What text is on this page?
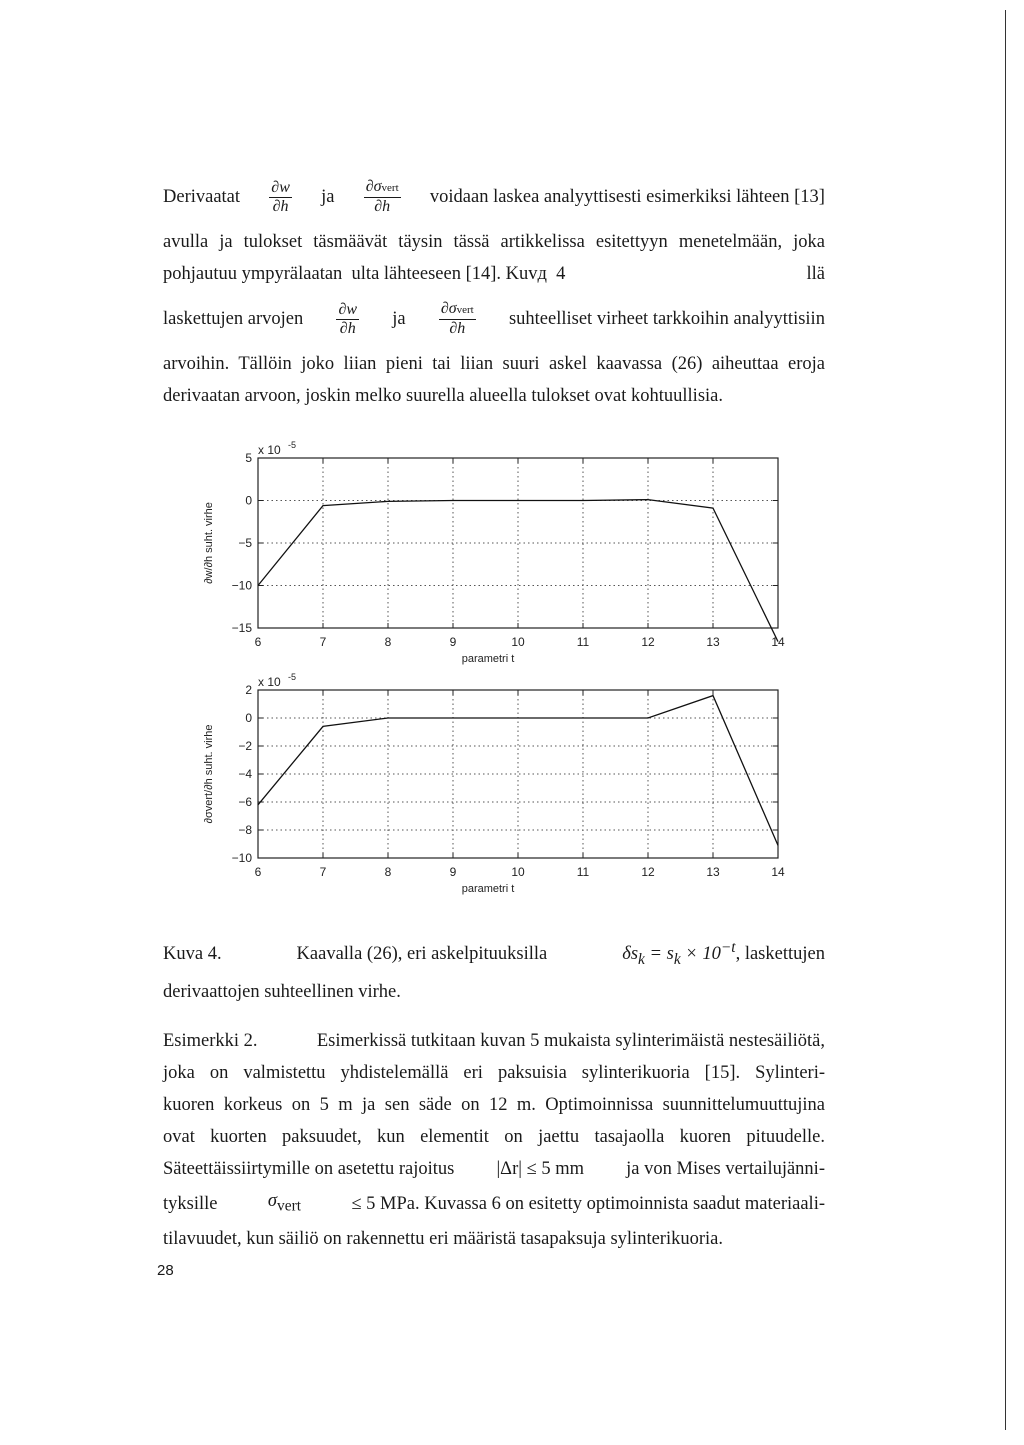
Derivaatat $\frac{\partial w}{\partial h}$ ja $\frac{\text{∂σvert}}{\partial h}$ voidaan laskea analyyttisesti esimerkiksi lähteen [13]
avulla ja tulokset täsmäävät täysin tässä artikkelissa esitettyyn menetelmään, joka
pohjautuu ympyrälaatan  ulta lähteeseen [14]. Kuvд  4	llä
laskettujen arvojen $\frac{\partial w}{\partial h}$ ja $\frac{\text{∂σvert}}{\partial h}$ suhteelliset virheet tarkkoihin analyyttisiin
arvoihin. Tällöin joko liian pieni tai liian suuri askel kaavassa (26) aiheuttaa eroja
derivaatan arvoon, joskin melko suurella alueella tulokset ovat kohtuullisia.
6	7	8	9	10	11	12	13	14
5
0
−5
−10
−15
x 10 -5
parametri t
∂w/∂h suht. virhe
6	7	8	9	10	11	12	13	14
2
0
−2
−4
−6
−8
−10
x 10 -5
parametri t
∂σvert/∂h suht. virhe
Kuva 4.	Kaavalla (26), eri askelpituuksilla	$\delta s_k = s_k \times 10^{-t}$, laskettujen
derivaattojen suhteellinen virhe.
Esimerkki 2.	Esimerkissä tutkitaan kuvan 5 mukaista sylinterimäistä nestesäiliötä,
joka on valmistettu yhdistelemällä eri paksuisia sylinterikuoria [15]. Sylinteri-
kuoren korkeus on 5 m ja sen säde on 12 m. Optimoinnissa suunnittelumuuttujina
ovat kuorten paksuudet, kun elementit on jaettu tasajaolla kuoren pituudelle.
Säteettäissiirtymille on asetettu rajoitus |Δr| ≤ 5 mm ja von Mises vertailujänni-
tyksille	$\sigma_{vert}$	≤ 5 MPa. Kuvassa 6 on esitetty optimoinnista saadut materiaali-
tilavuudet, kun säiliö on rakennettu eri määristä tasapaksuja sylinterikuoria.
28
